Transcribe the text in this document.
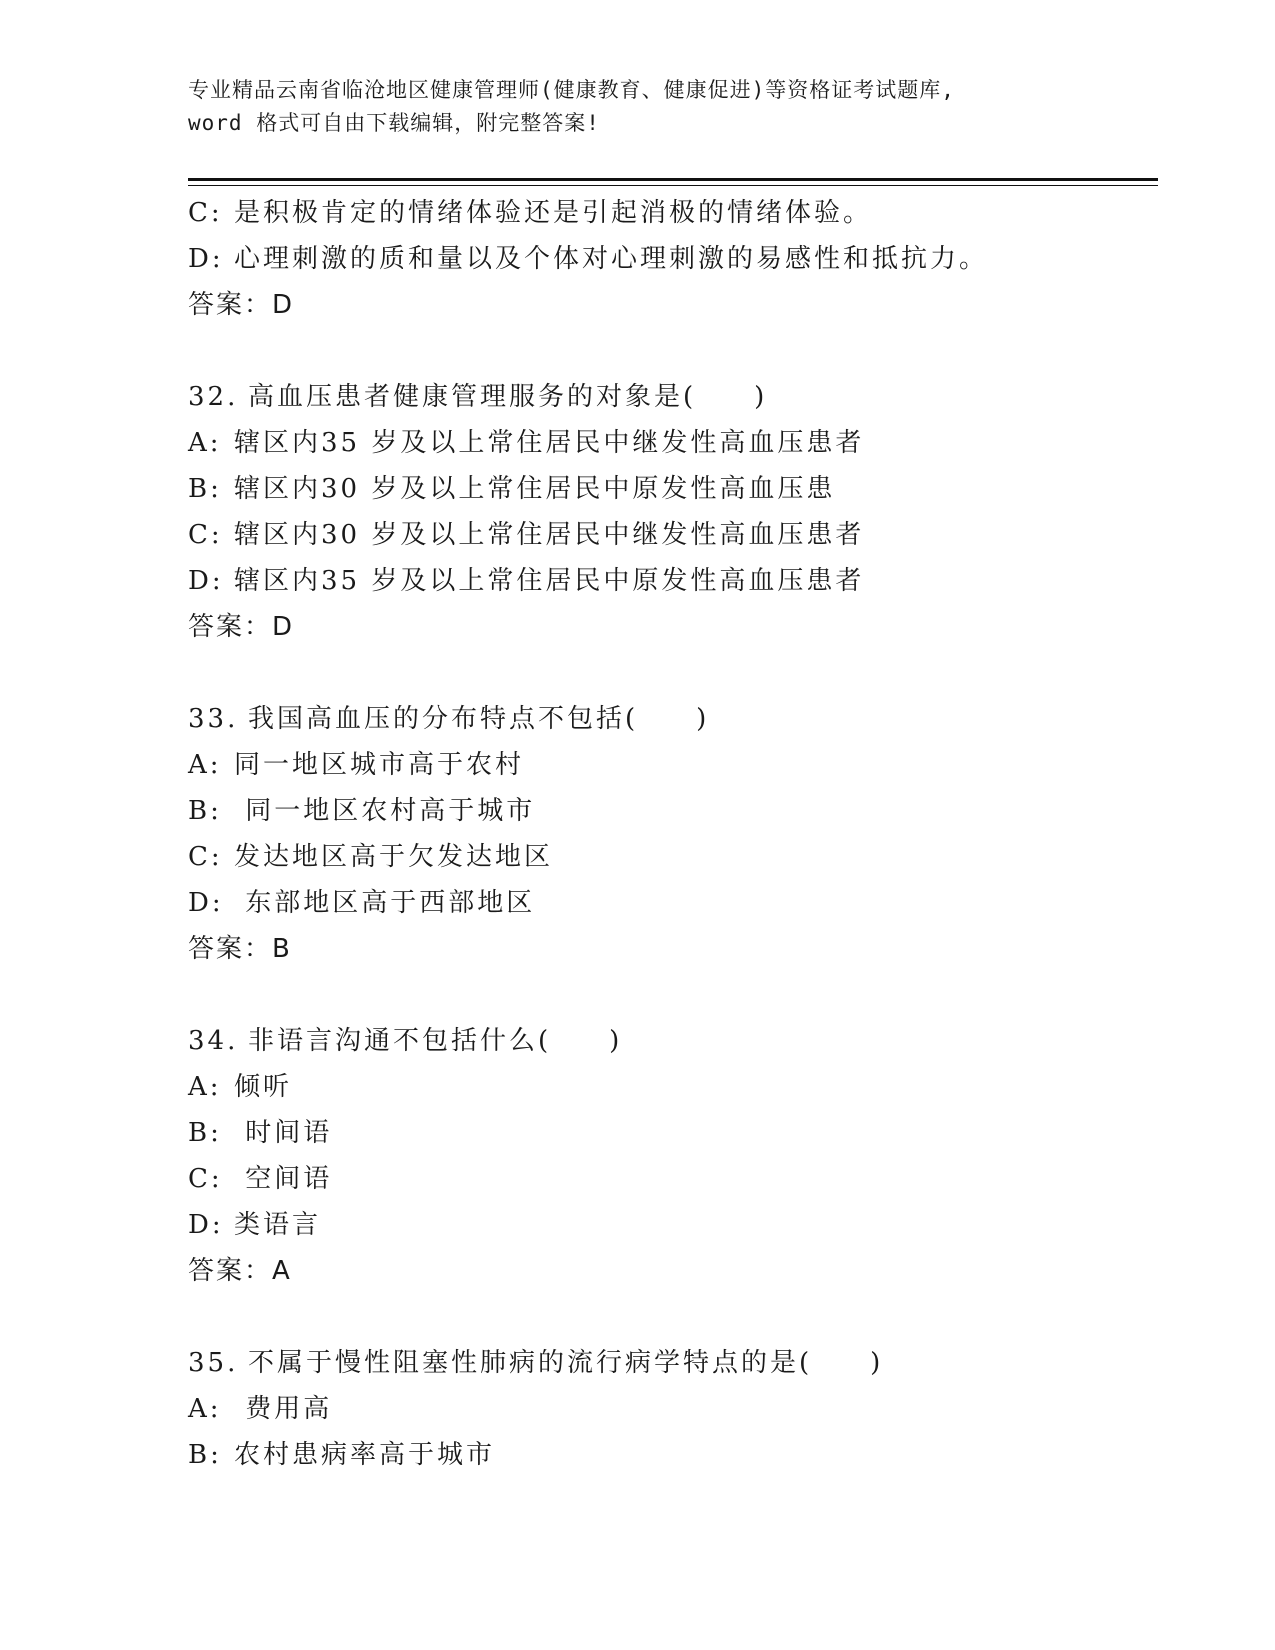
专业精品云南省临沧地区健康管理师(健康教育、健康促进)等资格证考试题库,
word 格式可自由下载编辑，附完整答案!
C: 是积极肯定的情绪体验还是引起消极的情绪体验。
D: 心理刺激的质和量以及个体对心理刺激的易感性和抵抗力。
答案：D
32. 高血压患者健康管理服务的对象是(　　)
A: 辖区内35 岁及以上常住居民中继发性高血压患者
B: 辖区内30 岁及以上常住居民中原发性高血压患
C: 辖区内30 岁及以上常住居民中继发性高血压患者
D: 辖区内35 岁及以上常住居民中原发性高血压患者
答案：D
33. 我国高血压的分布特点不包括(　　)
A: 同一地区城市高于农村
B: 同一地区农村高于城市
C: 发达地区高于欠发达地区
D: 东部地区高于西部地区
答案：B
34. 非语言沟通不包括什么(　　)
A: 倾听
B: 时间语
C: 空间语
D: 类语言
答案：A
35. 不属于慢性阻塞性肺病的流行病学特点的是(　　)
A: 费用高
B: 农村患病率高于城市
